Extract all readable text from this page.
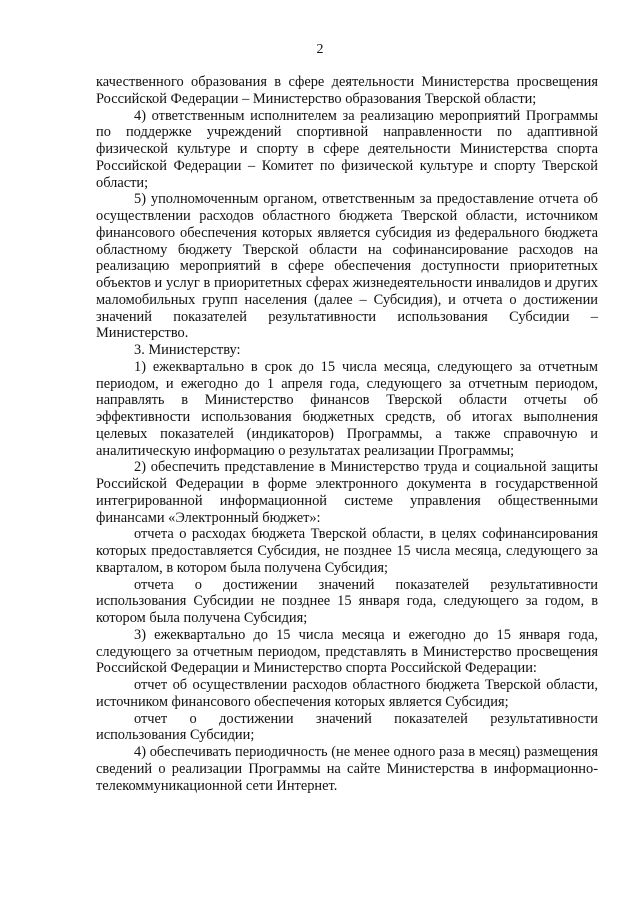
2

качественного образования в сфере деятельности Министерства просвещения Российской Федерации – Министерство образования Тверской области;

4) ответственным исполнителем за реализацию мероприятий Программы по поддержке учреждений спортивной направленности по адаптивной физической культуре и спорту в сфере деятельности Министерства спорта Российской Федерации – Комитет по физической культуре и спорту Тверской области;

5) уполномоченным органом, ответственным за предоставление отчета об осуществлении расходов областного бюджета Тверской области, источником финансового обеспечения которых является субсидия из федерального бюджета областному бюджету Тверской области на софинансирование расходов на реализацию мероприятий в сфере обеспечения доступности приоритетных объектов и услуг в приоритетных сферах жизнедеятельности инвалидов и других маломобильных групп населения (далее – Субсидия), и отчета о достижении значений показателей результативности использования Субсидии – Министерство.

3. Министерству:

1) ежеквартально в срок до 15 числа месяца, следующего за отчетным периодом, и ежегодно до 1 апреля года, следующего за отчетным периодом, направлять в Министерство финансов Тверской области отчеты об эффективности использования бюджетных средств, об итогах выполнения целевых показателей (индикаторов) Программы, а также справочную и аналитическую информацию о результатах реализации Программы;

2) обеспечить представление в Министерство труда и социальной защиты Российской Федерации в форме электронного документа в государственной интегрированной информационной системе управления общественными финансами «Электронный бюджет»:

отчета о расходах бюджета Тверской области, в целях софинансирования которых предоставляется Субсидия, не позднее 15 числа месяца, следующего за кварталом, в котором была получена Субсидия;

отчета о достижении значений показателей результативности использования Субсидии не позднее 15 января года, следующего за годом, в котором была получена Субсидия;

3) ежеквартально до 15 числа месяца и ежегодно до 15 января года, следующего за отчетным периодом, представлять в Министерство просвещения Российской Федерации и Министерство спорта Российской Федерации:

отчет об осуществлении расходов областного бюджета Тверской области, источником финансового обеспечения которых является Субсидия;

отчет о достижении значений показателей результативности использования Субсидии;

4) обеспечивать периодичность (не менее одного раза в месяц) размещения сведений о реализации Программы на сайте Министерства в информационно-телекоммуникационной сети Интернет.
